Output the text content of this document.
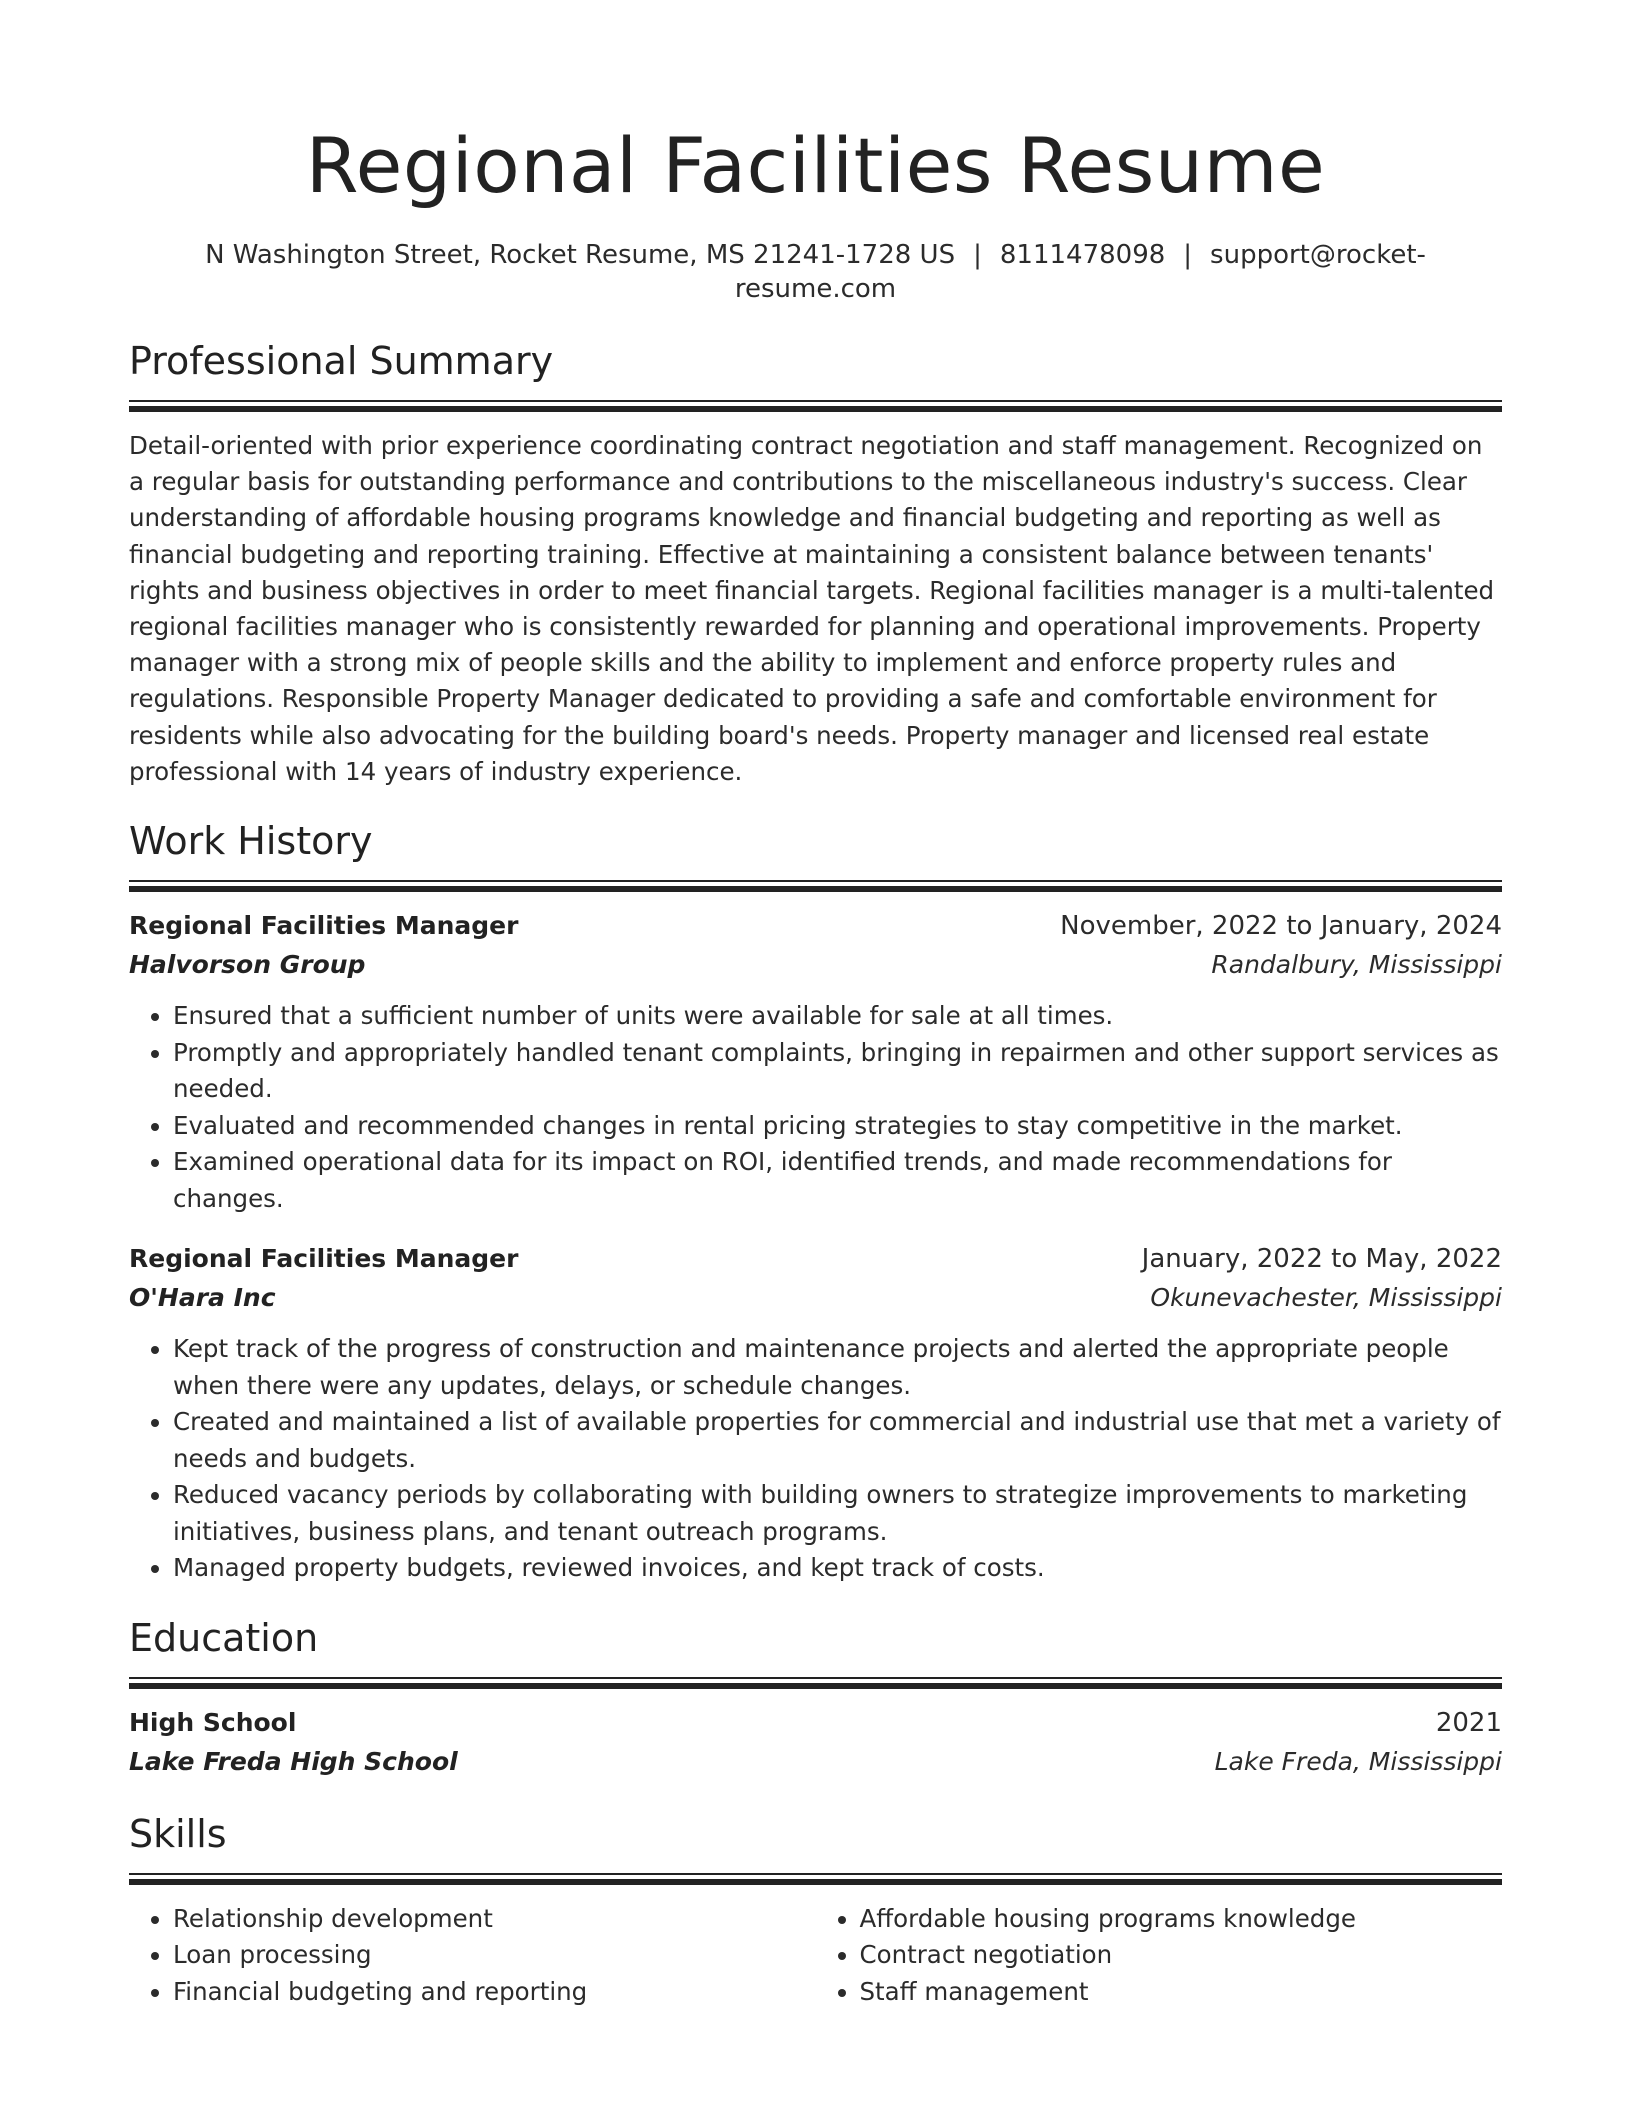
Regional Facilities Resume
N Washington Street, Rocket Resume, MS 21241-1728 US | 8111478098 | support@rocket-resume.com
Professional Summary
Detail-oriented with prior experience coordinating contract negotiation and staff management. Recognized on a regular basis for outstanding performance and contributions to the miscellaneous industry's success. Clear understanding of affordable housing programs knowledge and financial budgeting and reporting as well as financial budgeting and reporting training. Effective at maintaining a consistent balance between tenants' rights and business objectives in order to meet financial targets. Regional facilities manager is a multi-talented regional facilities manager who is consistently rewarded for planning and operational improvements. Property manager with a strong mix of people skills and the ability to implement and enforce property rules and regulations. Responsible Property Manager dedicated to providing a safe and comfortable environment for residents while also advocating for the building board's needs. Property manager and licensed real estate professional with 14 years of industry experience.
Work History
Regional Facilities Manager	November, 2022 to January, 2024
Halvorson Group	Randalbury, Mississippi
• Ensured that a sufficient number of units were available for sale at all times.
• Promptly and appropriately handled tenant complaints, bringing in repairmen and other support services as needed.
• Evaluated and recommended changes in rental pricing strategies to stay competitive in the market.
• Examined operational data for its impact on ROI, identified trends, and made recommendations for changes.
Regional Facilities Manager	January, 2022 to May, 2022
O'Hara Inc	Okunevachester, Mississippi
• Kept track of the progress of construction and maintenance projects and alerted the appropriate people when there were any updates, delays, or schedule changes.
• Created and maintained a list of available properties for commercial and industrial use that met a variety of needs and budgets.
• Reduced vacancy periods by collaborating with building owners to strategize improvements to marketing initiatives, business plans, and tenant outreach programs.
• Managed property budgets, reviewed invoices, and kept track of costs.
Education
High School	2021
Lake Freda High School	Lake Freda, Mississippi
Skills
• Relationship development
• Loan processing
• Financial budgeting and reporting
• Affordable housing programs knowledge
• Contract negotiation
• Staff management
